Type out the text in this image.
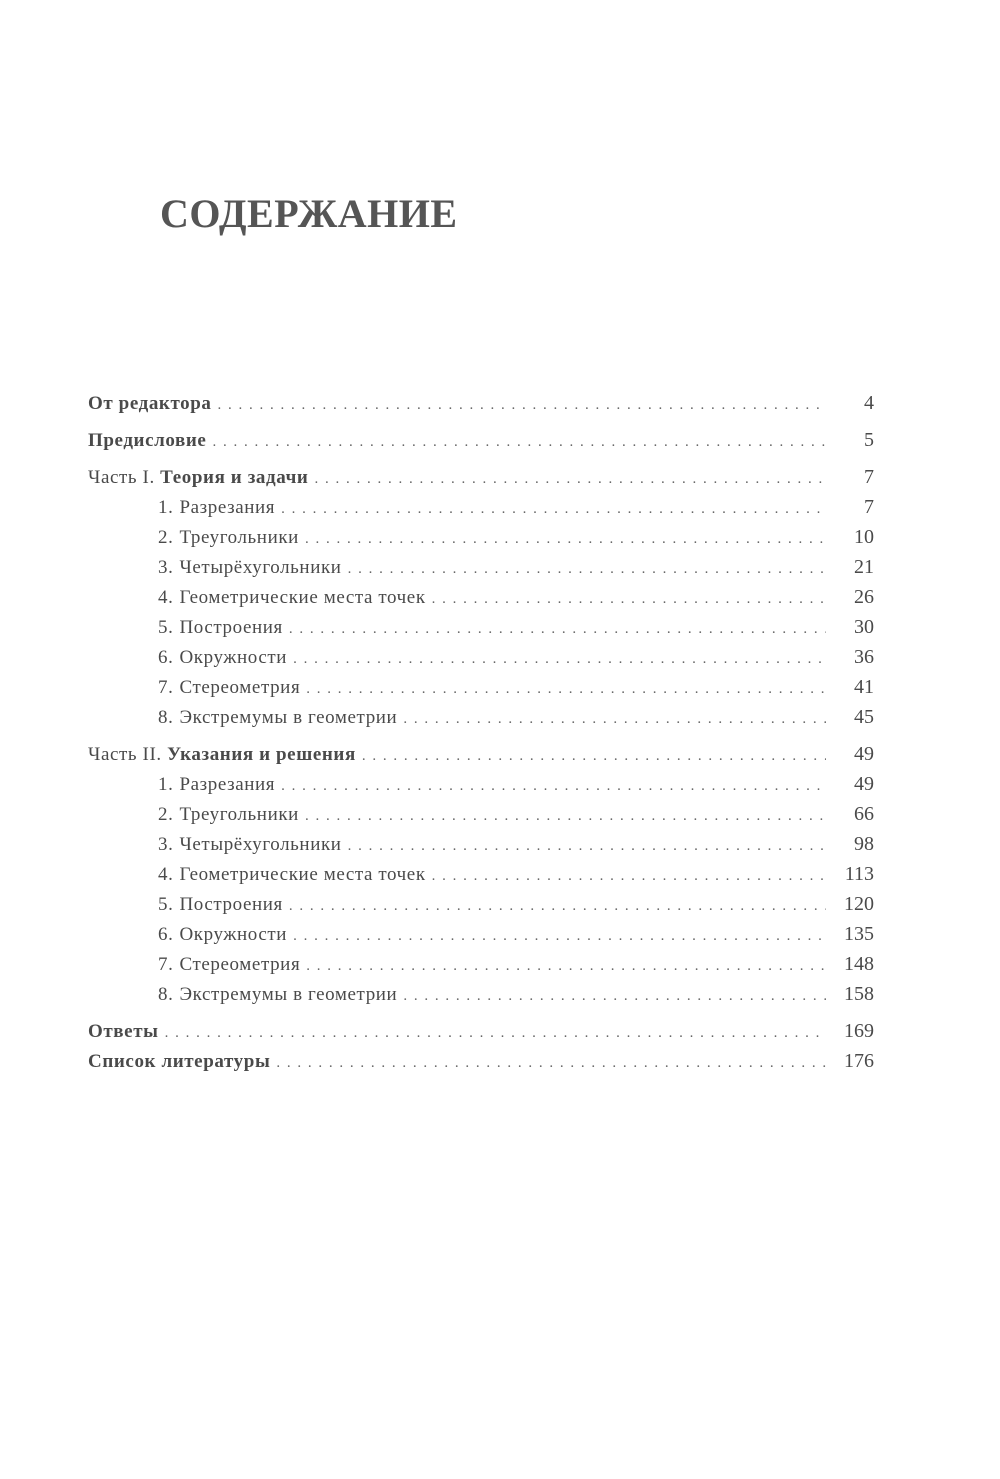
СОДЕРЖАНИЕ
От редактора . . .	4
Предисловие . . .	5
Часть I. Теория и задачи . . .	7
1. Разрезания . . .	7
2. Треугольники . . .	10
3. Четырёхугольники . . .	21
4. Геометрические места точек . . .	26
5. Построения . . .	30
6. Окружности . . .	36
7. Стереометрия . . .	41
8. Экстремумы в геометрии . . .	45
Часть II. Указания и решения . . .	49
1. Разрезания . . .	49
2. Треугольники . . .	66
3. Четырёхугольники . . .	98
4. Геометрические места точек . . .	113
5. Построения . . .	120
6. Окружности . . .	135
7. Стереометрия . . .	148
8. Экстремумы в геометрии . . .	158
Ответы . . .	169
Список литературы . . .	176
